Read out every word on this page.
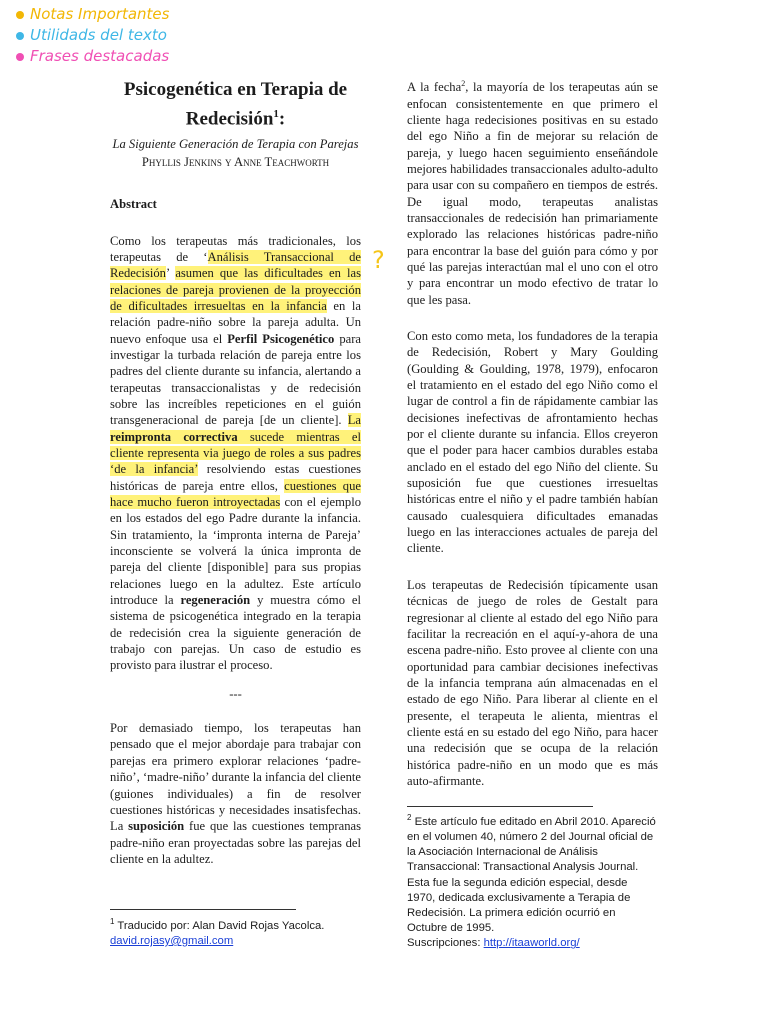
Notas Importantes
Utilidads del texto
Frases destacadas
?
Psicogenética en Terapia de Redecisión$^1$:
La Siguiente Generación de Terapia con Parejas
Phyllis Jenkins y Anne Teachworth
Abstract

Como los terapeutas más tradicionales, los terapeutas de ‘Análisis Transaccional de Redecisión’ asumen que las dificultades en las relaciones de pareja provienen de la proyección de dificultades irresueltas en la infancia en la relación padre-niño sobre la pareja adulta. Un nuevo enfoque usa el Perfil Psicogenético para investigar la turbada relación de pareja entre los padres del cliente durante su infancia, alertando a terapeutas transaccionalistas y de redecisión sobre las increíbles repeticiones en el guión transgeneracional de pareja [de un cliente]. La reimpronta correctiva sucede mientras el cliente representa via juego de roles a sus padres ‘de la infancia’ resolviendo estas cuestiones históricas de pareja entre ellos, cuestiones que hace mucho fueron introyectadas con el ejemplo en los estados del ego Padre durante la infancia. Sin tratamiento, la ‘impronta interna de Pareja’ inconsciente se volverá la única impronta de pareja del cliente [disponible] para sus propias relaciones luego en la adultez. Este artículo introduce la regeneración y muestra cómo el sistema de psicogenética integrado en la terapia de redecisión crea la siguiente generación de trabajo con parejas. Un caso de estudio es provisto para ilustrar el proceso.

---

Por demasiado tiempo, los terapeutas han pensado que el mejor abordaje para trabajar con parejas era primero explorar relaciones ‘padre-niño’, ‘madre-niño’ durante la infancia del cliente (guiones individuales) a fin de resolver cuestiones históricas y necesidades insatisfechas. La suposición fue que las cuestiones tempranas padre-niño eran proyectadas sobre las parejas del cliente en la adultez.

A la fecha$^2$, la mayoría de los terapeutas aún se enfocan consistentemente en que primero el cliente haga redecisiones positivas en su estado del ego Niño a fin de mejorar su relación de pareja, y luego hacen seguimiento enseñándole mejores habilidades transaccionales adulto-adulto para usar con su compañero en tiempos de estrés. De igual modo, terapeutas analistas transaccionales de redecisión han primariamente explorado las relaciones históricas padre-niño para encontrar la base del guión para cómo y por qué las parejas interactúan mal el uno con el otro y para encontrar un modo efectivo de tratar lo que les pasa.

Con esto como meta, los fundadores de la terapia de Redecisión, Robert y Mary Goulding (Goulding & Goulding, 1978, 1979), enfocaron el tratamiento en el estado del ego Niño como el lugar de control a fin de rápidamente cambiar las decisiones inefectivas de afrontamiento hechas por el cliente durante su infancia. Ellos creyeron que el poder para hacer cambios durables estaba anclado en el estado del ego Niño del cliente. Su suposición fue que cuestiones irresueltas históricas entre el niño y el padre también habían causado cualesquiera dificultades emanadas luego en las interacciones actuales de pareja del cliente.

Los terapeutas de Redecisión típicamente usan técnicas de juego de roles de Gestalt para regresionar al cliente al estado del ego Niño para facilitar la recreación en el aquí-y-ahora de una escena padre-niño. Esto provee al cliente con una oportunidad para cambiar decisiones inefectivas de la infancia temprana aún almacenadas en el estado de ego Niño. Para liberar al cliente en el presente, el terapeuta le alienta, mientras el cliente está en su estado del ego Niño, para hacer una redecisión que se ocupa de la relación histórica padre-niño en un modo que es más auto-afirmante.

$^1$ Traducido por: Alan David Rojas Yacolca.
david.rojasy@gmail.com
$^2$ Este artículo fue editado en Abril 2010. Apareció en el volumen 40, número 2 del Journal oficial de la Asociación Internacional de Análisis Transaccional: Transactional Analysis Journal. Esta fue la segunda edición especial, desde 1970, dedicada exclusivamente a Terapia de Redecisión. La primera edición ocurrió en Octubre de 1995.
Suscripciones: http://itaaworld.org/
